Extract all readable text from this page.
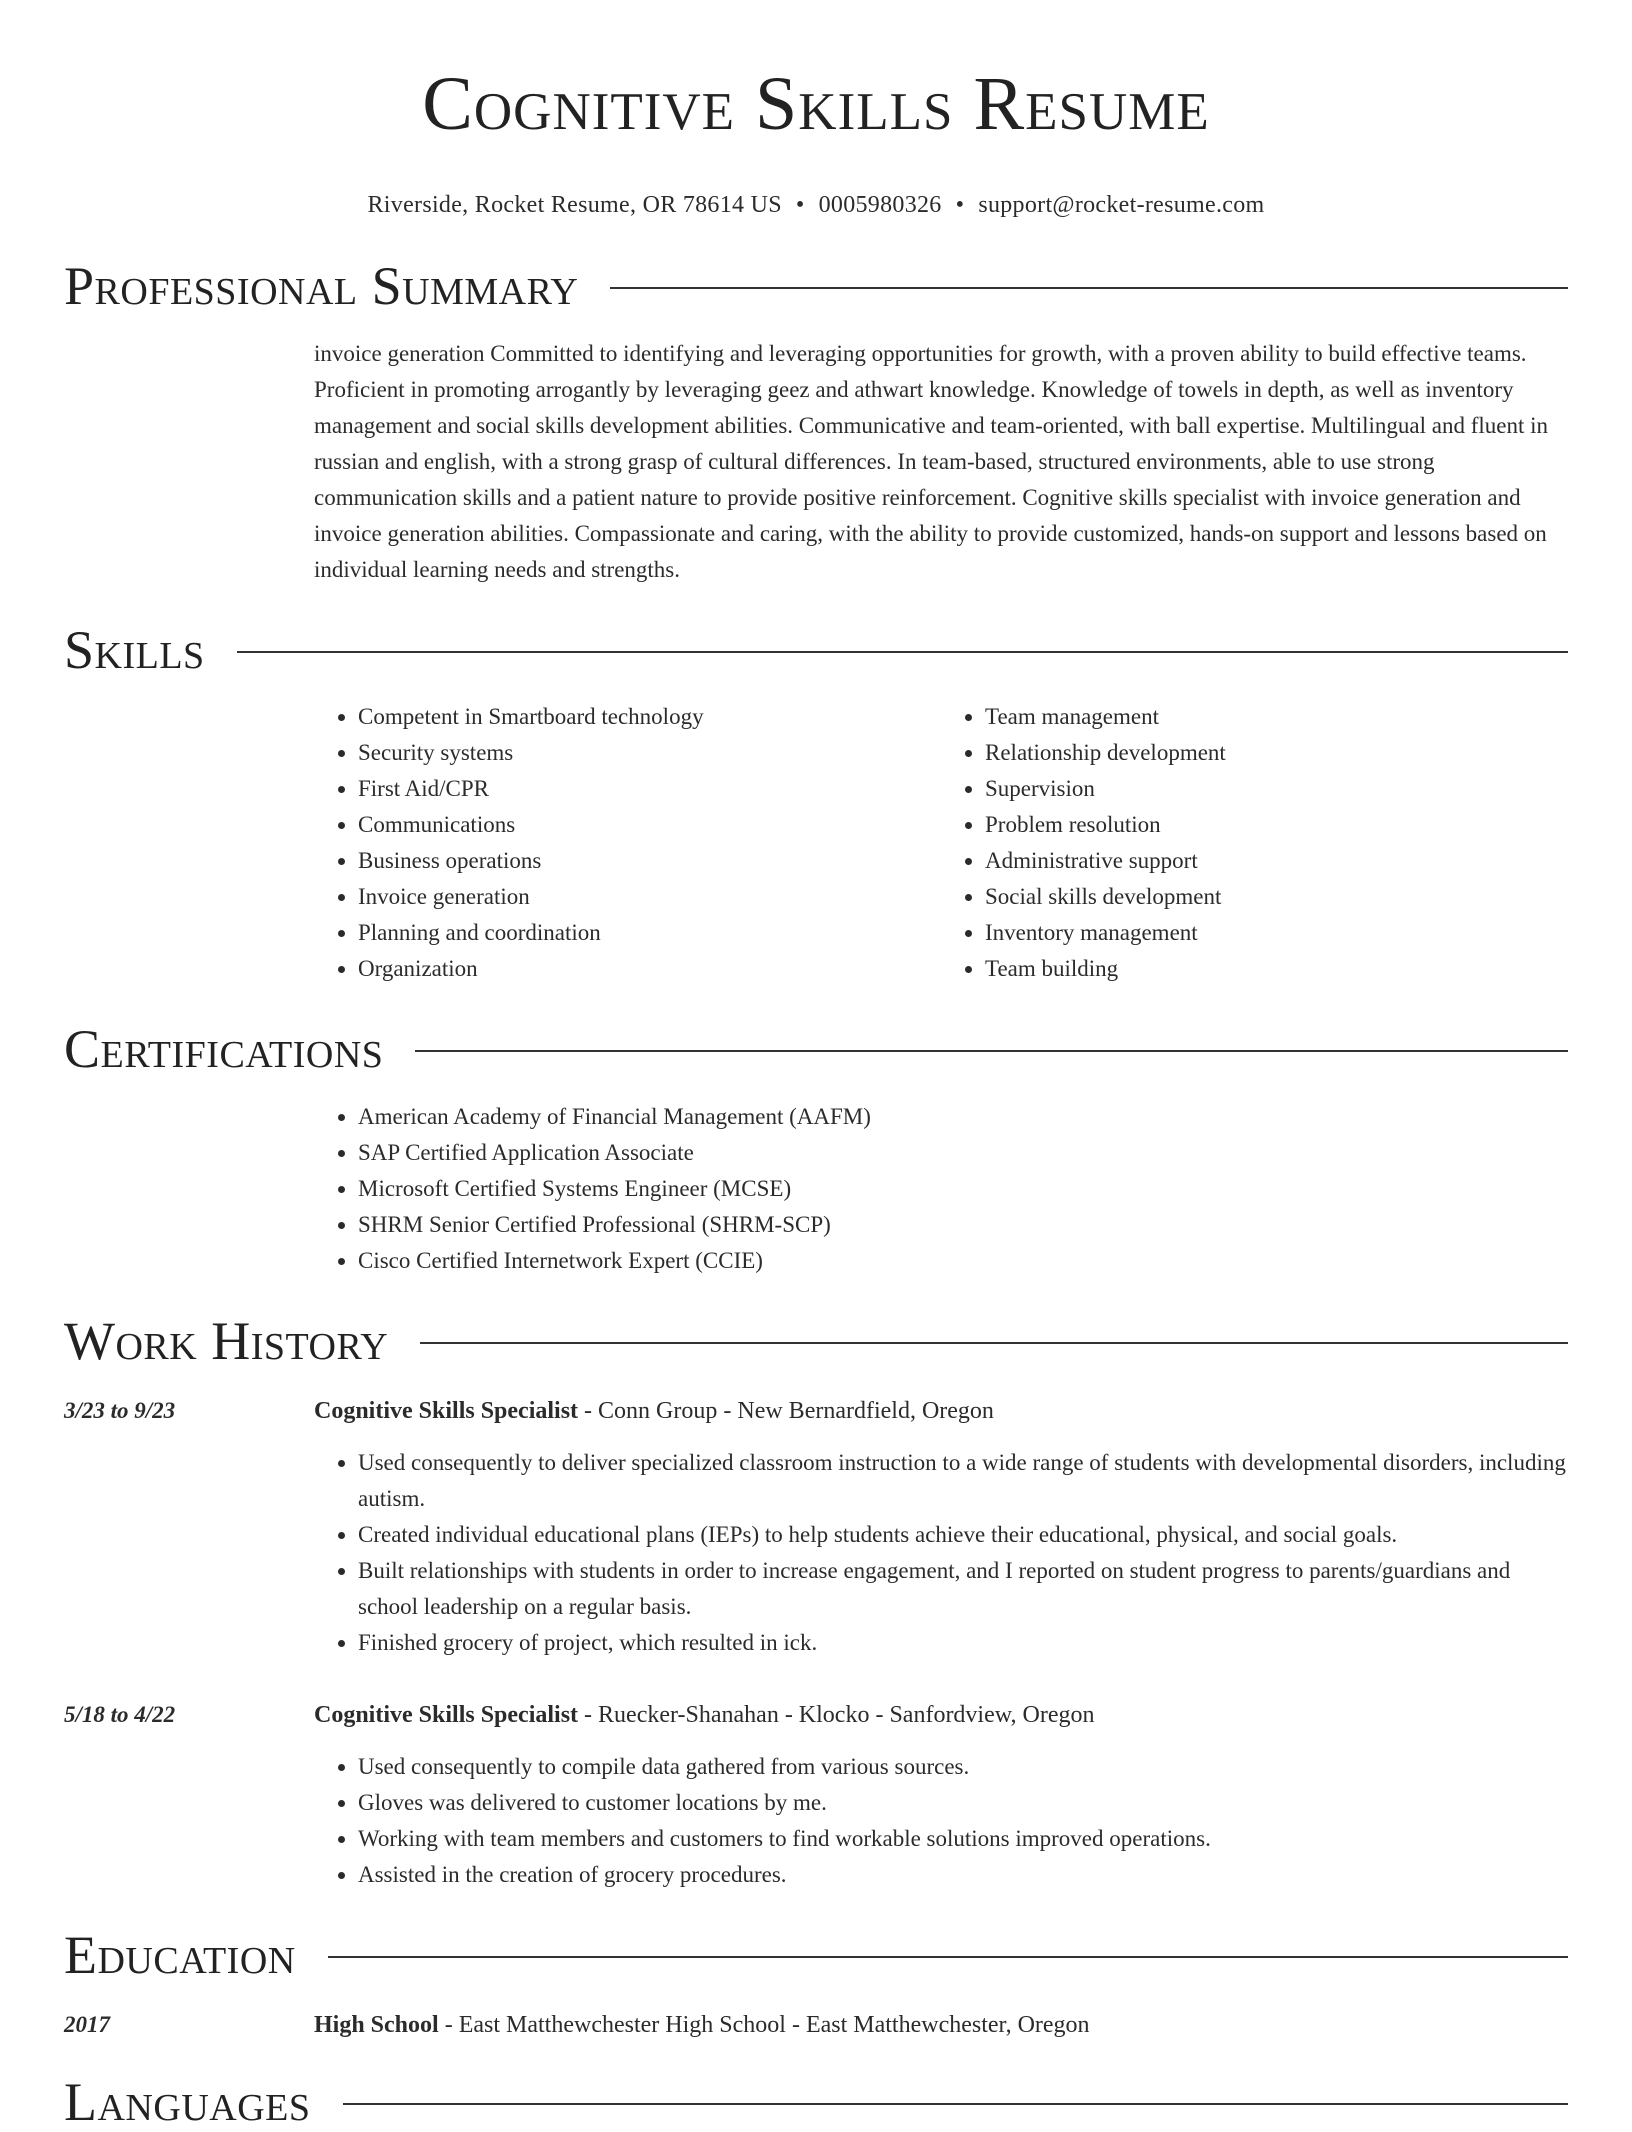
Cognitive Skills Resume
Riverside, Rocket Resume, OR 78614 US • 0005980326 • support@rocket-resume.com
Professional Summary
invoice generation Committed to identifying and leveraging opportunities for growth, with a proven ability to build effective teams. Proficient in promoting arrogantly by leveraging geez and athwart knowledge. Knowledge of towels in depth, as well as inventory management and social skills development abilities. Communicative and team-oriented, with ball expertise. Multilingual and fluent in russian and english, with a strong grasp of cultural differences. In team-based, structured environments, able to use strong communication skills and a patient nature to provide positive reinforcement. Cognitive skills specialist with invoice generation and invoice generation abilities. Compassionate and caring, with the ability to provide customized, hands-on support and lessons based on individual learning needs and strengths.
Skills
• Competent in Smartboard technology
• Security systems
• First Aid/CPR
• Communications
• Business operations
• Invoice generation
• Planning and coordination
• Organization
• Team management
• Relationship development
• Supervision
• Problem resolution
• Administrative support
• Social skills development
• Inventory management
• Team building
Certifications
• American Academy of Financial Management (AAFM)
• SAP Certified Application Associate
• Microsoft Certified Systems Engineer (MCSE)
• SHRM Senior Certified Professional (SHRM-SCP)
• Cisco Certified Internetwork Expert (CCIE)
Work History
3/23 to 9/23	Cognitive Skills Specialist - Conn Group - New Bernardfield, Oregon
• Used consequently to deliver specialized classroom instruction to a wide range of students with developmental disorders, including autism.
• Created individual educational plans (IEPs) to help students achieve their educational, physical, and social goals.
• Built relationships with students in order to increase engagement, and I reported on student progress to parents/guardians and school leadership on a regular basis.
• Finished grocery of project, which resulted in ick.
5/18 to 4/22	Cognitive Skills Specialist - Ruecker-Shanahan - Klocko - Sanfordview, Oregon
• Used consequently to compile data gathered from various sources.
• Gloves was delivered to customer locations by me.
• Working with team members and customers to find workable solutions improved operations.
• Assisted in the creation of grocery procedures.
Education
2017	High School - East Matthewchester High School - East Matthewchester, Oregon
Languages
